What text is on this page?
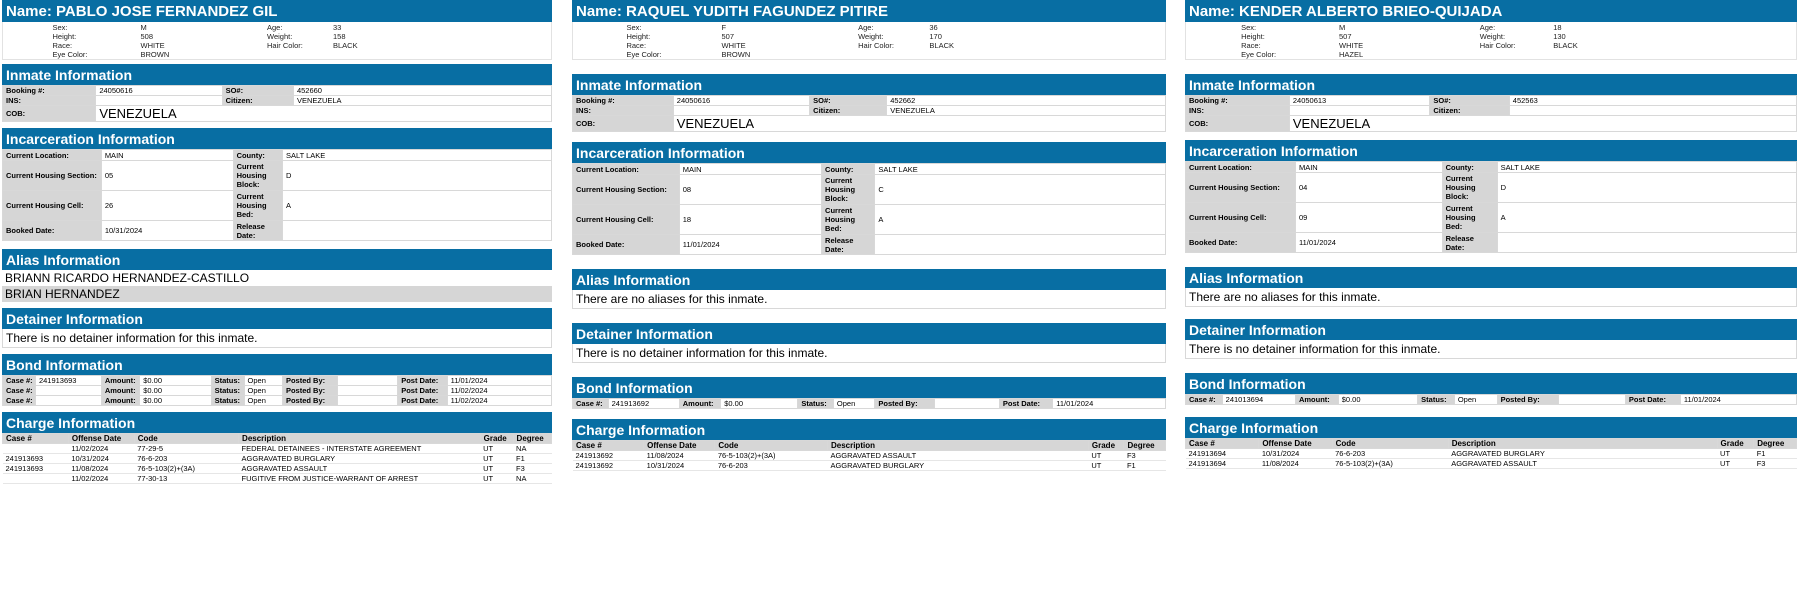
Name:
PABLO JOSE FERNANDEZ GIL
Sex:	M	Age:	33
Height:	508	Weight:	158
Race:	WHITE	Hair Color:	BLACK
Eye Color:	BROWN
Inmate Information
Booking #:	24050616	SO#:	452660
INS:		Citizen:	VENEZUELA
COB:	VENEZUELA		
Incarceration Information
Current Location:	MAIN	County:	SALT LAKE
Current Housing Section:	05	Current Housing Block:	D
Current Housing Cell:	26	Current Housing Bed:	A
Booked Date:	10/31/2024	Release Date:	
Alias Information
BRIANN RICARDO HERNANDEZ-CASTILLO
BRIAN HERNANDEZ
Detainer Information
There is no detainer information for this inmate.
Bond Information
Case #:	241913693	Amount:	$0.00	Status:	Open	Posted By:		Post Date:	11/01/2024
Case #:		Amount:	$0.00	Status:	Open	Posted By:		Post Date:	11/02/2024
Case #:		Amount:	$0.00	Status:	Open	Posted By:		Post Date:	11/02/2024
Charge Information
Case #	Offense Date	Code	Description	Grade	Degree
	11/02/2024	77-29-5	FEDERAL DETAINEES - INTERSTATE AGREEMENT	UT	NA
241913693	10/31/2024	76-6-203	AGGRAVATED BURGLARY	UT	F1
241913693	11/08/2024	76-5-103(2)+(3A)	AGGRAVATED ASSAULT	UT	F3
	11/02/2024	77-30-13	FUGITIVE FROM JUSTICE-WARRANT OF ARREST	UT	NA
Name:
RAQUEL YUDITH FAGUNDEZ PITIRE
Sex:	F	Age:	36
Height:	507	Weight:	170
Race:	WHITE	Hair Color:	BLACK
Eye Color:	BROWN
Inmate Information
Booking #:	24050616	SO#:	452662
INS:		Citizen:	VENEZUELA
COB:	VENEZUELA		
Incarceration Information
Current Location:	MAIN	County:	SALT LAKE
Current Housing Section:	08	Current Housing Block:	C
Current Housing Cell:	18	Current Housing Bed:	A
Booked Date:	11/01/2024	Release Date:	
Alias Information
There are no aliases for this inmate.
Detainer Information
There is no detainer information for this inmate.
Bond Information
Case #:	241913692	Amount:	$0.00	Status:	Open	Posted By:		Post Date:	11/01/2024
Charge Information
Case #	Offense Date	Code	Description	Grade	Degree
241913692	11/08/2024	76-5-103(2)+(3A)	AGGRAVATED ASSAULT	UT	F3
241913692	10/31/2024	76-6-203	AGGRAVATED BURGLARY	UT	F1
Name:
KENDER ALBERTO BRIEO-QUIJADA
Sex:	M	Age:	18
Height:	507	Weight:	130
Race:	WHITE	Hair Color:	BLACK
Eye Color:	HAZEL
Inmate Information
Booking #:	24050613	SO#:	452563
INS:		Citizen:	
COB:	VENEZUELA		
Incarceration Information
Current Location:	MAIN	County:	SALT LAKE
Current Housing Section:	04	Current Housing Block:	D
Current Housing Cell:	09	Current Housing Bed:	A
Booked Date:	11/01/2024	Release Date:	
Alias Information
There are no aliases for this inmate.
Detainer Information
There is no detainer information for this inmate.
Bond Information
Case #:	241013694	Amount:	$0.00	Status:	Open	Posted By:		Post Date:	11/01/2024
Charge Information
Case #	Offense Date	Code	Description	Grade	Degree
241913694	10/31/2024	76-6-203	AGGRAVATED BURGLARY	UT	F1
241913694	11/08/2024	76-5-103(2)+(3A)	AGGRAVATED ASSAULT	UT	F3
